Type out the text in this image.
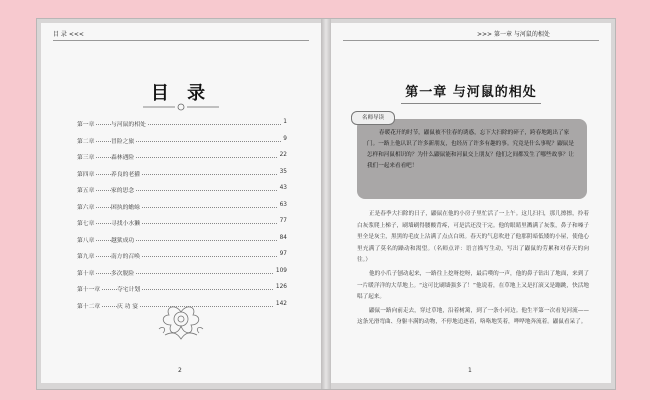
目 录 <<<
目 录
第一章	与河鼠的相处	1
第二章	冒险之旅	9
第三章	森林遇险	22
第四章	养良的老獾	35
第五章	家的思念	43
第六章	困执的蟾蜍	63
第七章	寻找小水獭	77
第八章	越狱成功	84
第九章	南方的召唤	97
第十章	多次脱险	109
第十一章	夺宅计划	126
第十二章	庆 功 宴	142
2
>>> 第一章 与河鼠的相处
第一章 与河鼠的相处
名师导读

春暖花开的时节，鼹鼠被不往春的诱惑，忘下大扫除的碎子，跨春地跑出了家门。一路上他认识了许多新朋友，也经历了许多有趣的事。究竟是什么事呢？鼹鼠是怎样和河鼠相识的？为什么鼹鼠能和河鼠交上朋友？他们之间都发生了哪些故事？让我们一起来看看吧！

正是春季大扫除的日子，鼹鼠在他的小房子里忙活了一上午。这儿扫扫，那儿擦擦，拎着白灰浆爬上梯子，刷墙刷得腰酸背疼，可是活还没干完。他的眼睛里溅满了灰浆，鼻子和嗓子里全是灰尘，黑黑的毛皮上沾满了点点白斑。春天的气息吹进了他那阴暗低矮的小屋，使他心里充满了莫名的躁动和渴望。（名师点评：语言描写生动，写出了鼹鼠的劳累和对春天的向往。）

他的小爪子刨动起来，一路往上挖呀挖呀，最后噗的一声，他的鼻子钻出了地面，来到了一片暖洋洋的大草地上。“这可比刷墙强多了！”他说着，在草地上又是打滚又是蹦跳，快活地唱了起来。

鼹鼠一路向前走去，穿过草地，沿着树篱，到了一条小河边。他生平第一次看见河流——这条光滑弯曲、身躯丰满的动物，不停地追逐着，咯咯地笑着，哗哗地奔流着。鼹鼠看呆了。

1
